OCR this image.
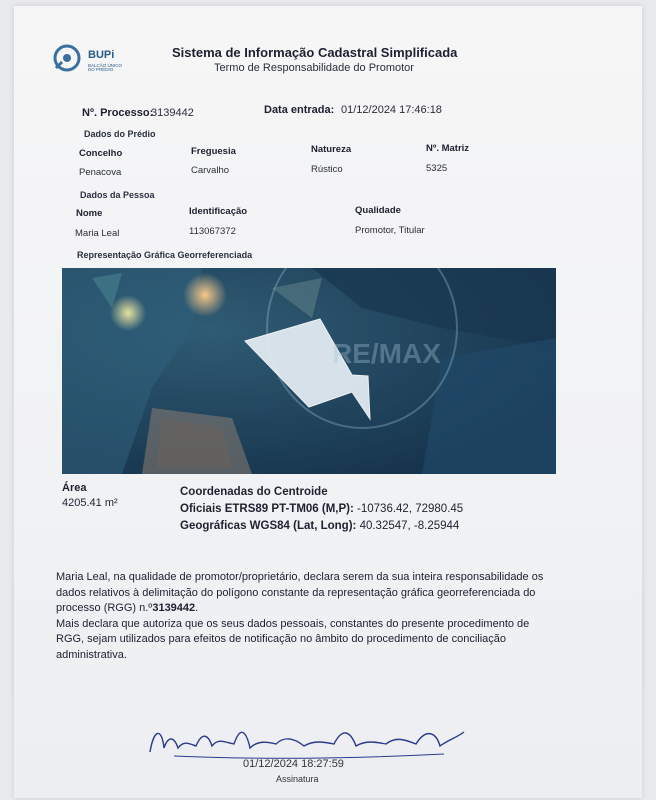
BUPi
BALCÃO ÚNICO DO PRÉDIO
Sistema de Informação Cadastral Simplificada
Termo de Responsabilidade do Promotor
Nº. Processo:
3139442	Data entrada: 01/12/2024 17:46:18
Dados do Prédio
Concelho
Penacova
Freguesia
Carvalho
Natureza
Rústico
Nº. Matriz
5325
Dados da Pessoa
Nome
Maria Leal
Identificação
113067372
Qualidade
Promotor, Titular
Representação Gráfica Georreferenciada
RE/MAX
Área
4205.41 m²
Coordenadas do Centroide
Oficiais ETRS89 PT-TM06 (M,P): -10736.42, 72980.45
Geográficas WGS84 (Lat, Long): 40.32547, -8.25944
Maria Leal, na qualidade de promotor/proprietário, declara serem da sua inteira responsabilidade os dados relativos à delimitação do polígono constante da representação gráfica georreferenciada do processo (RGG) n.º3139442.
Mais declara que autoriza que os seus dados pessoais, constantes do presente procedimento de RGG, sejam utilizados para efeitos de notificação no âmbito do procedimento de conciliação administrativa.
01/12/2024 18:27:59
Assinatura
